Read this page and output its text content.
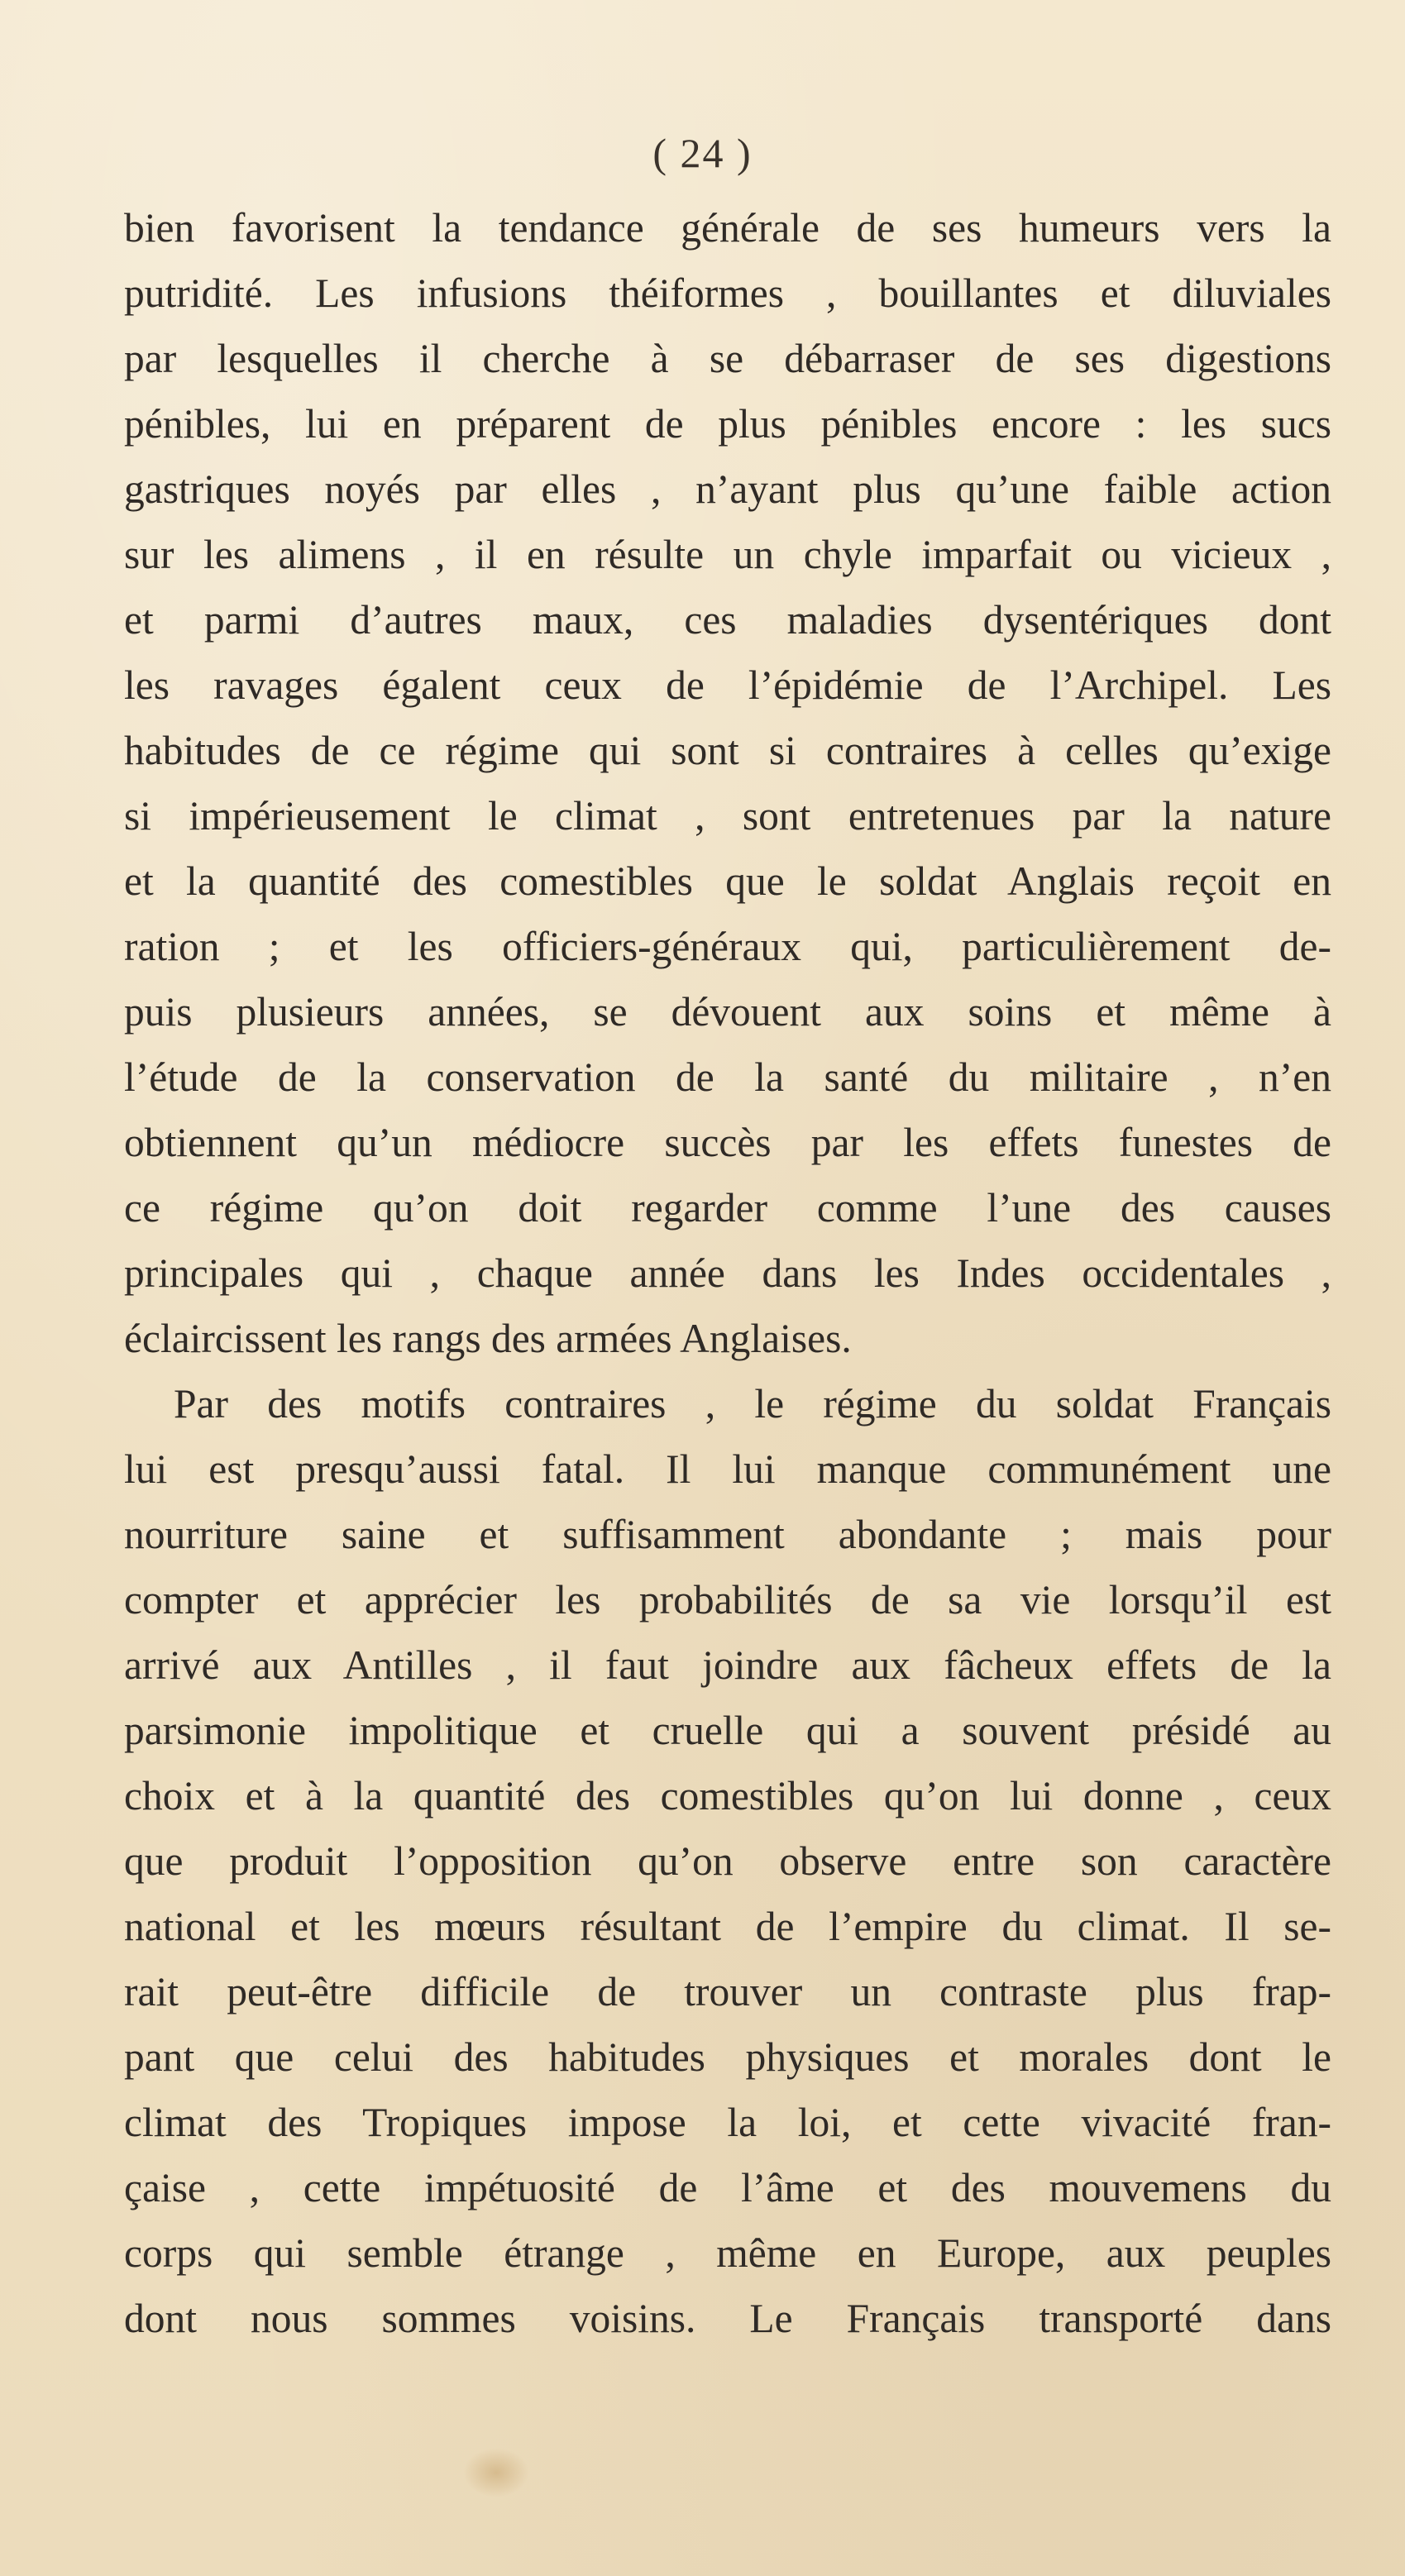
( 24 )
bien favorisent la tendance générale de ses humeurs vers la
putridité. Les infusions théiformes , bouillantes et diluviales
par lesquelles il cherche à se débarraser de ses digestions
pénibles, lui en préparent de plus pénibles encore : les sucs
gastriques noyés par elles , n’ayant plus qu’une faible action
sur les alimens , il en résulte un chyle imparfait ou vicieux ,
et parmi d’autres maux, ces maladies dysentériques dont
les ravages égalent ceux de l’épidémie de l’Archipel. Les
habitudes de ce régime qui sont si contraires à celles qu’exige
si impérieusement le climat , sont entretenues par la nature
et la quantité des comestibles que le soldat Anglais reçoit en
ration ; et les officiers-généraux qui, particulièrement de-
puis plusieurs années, se dévouent aux soins et même à
l’étude de la conservation de la santé du militaire , n’en
obtiennent qu’un médiocre succès par les effets funestes de
ce régime qu’on doit regarder comme l’une des causes
principales qui , chaque année dans les Indes occidentales ,
éclaircissent les rangs des armées Anglaises.
Par des motifs contraires , le régime du soldat Français
lui est presqu’aussi fatal. Il lui manque communément une
nourriture saine et suffisamment abondante ; mais pour
compter et apprécier les probabilités de sa vie lorsqu’il est
arrivé aux Antilles , il faut joindre aux fâcheux effets de la
parsimonie impolitique et cruelle qui a souvent présidé au
choix et à la quantité des comestibles qu’on lui donne , ceux
que produit l’opposition qu’on observe entre son caractère
national et les mœurs résultant de l’empire du climat. Il se-
rait peut-être difficile de trouver un contraste plus frap-
pant que celui des habitudes physiques et morales dont le
climat des Tropiques impose la loi, et cette vivacité fran-
çaise , cette impétuosité de l’âme et des mouvemens du
corps qui semble étrange , même en Europe, aux peuples
dont nous sommes voisins. Le Français transporté dans
